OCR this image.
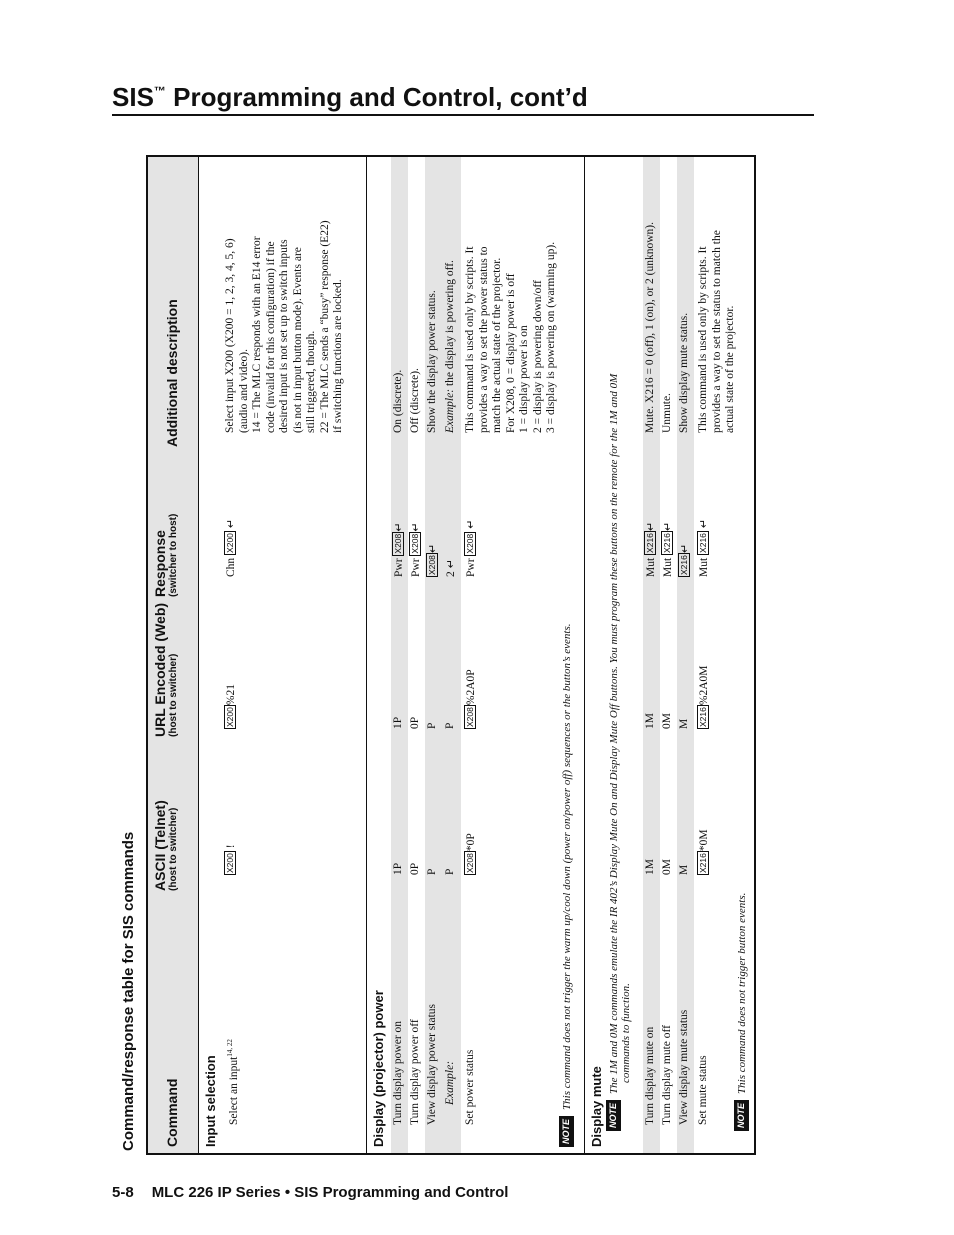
SIS™ Programming and Control, cont’d
Command/response table for SIS commands	Command
ASCII (Telnet) (host to switcher)
URL Encoded (Web) (host to switcher)
Response (switcher to host)
Additional description
Input selection Select an input$^{14, 22}$
X200 !
X200%21
Chn X200 ↵
Select input X200 (X200 = 1, 2, 3, 4, 5, 6) (audio and video). 14 = The MLC responds with an E14 error code (invalid for this configuration) if the desired input is not set up to switch inputs (is not in input button mode). Events are still triggered, though. 22 = The MLC sends a “busy” response (E22) if switching functions are locked.
Display (projector) power Turn display power on
1P
1P
Pwr X208↵
On (discrete).
Turn display power off
0P
0P
Pwr X208↵
Off (discrete).
View display power status
P
P
X208↵
Show the display power status.
Example:
P
P
2 ↵
Example: the display is powering off.
Set power status
X208*0P
X208%2A0P
Pwr X208 ↵
This command is used only by scripts. It provides a way to set the power status to match the actual state of the projector. For X208, 0 = display power is off 1 = display power is on 2 = display is powering down/off 3 = display is powering on (warming up).
NOTEThis command does not trigger the warm up/cool down (power on/power off) sequences or the button’s events. Display mute NOTEThe 1M and 0M commands emulate the IR 402’s Display Mute On and Display Mute Off buttons. You must program these buttons on the remote for the 1M and 0M commands to function. Turn display mute on
1M
1M
Mut X216↵
Mute. X216 = 0 (off), 1 (on), or 2 (unknown).
Turn display mute off
0M
0M
Mut X216↵
Unmute.
View display mute status
M
M
X216↵
Show display mute status.
Set mute status
X216*0M
X216%2A0M
Mut X216 ↵
This command is used only by scripts. It provides a way to set the status to match the actual state of the projector.
NOTEThis command does not trigger button events.
5-8 MLC 226 IP Series • SIS Programming and Control
